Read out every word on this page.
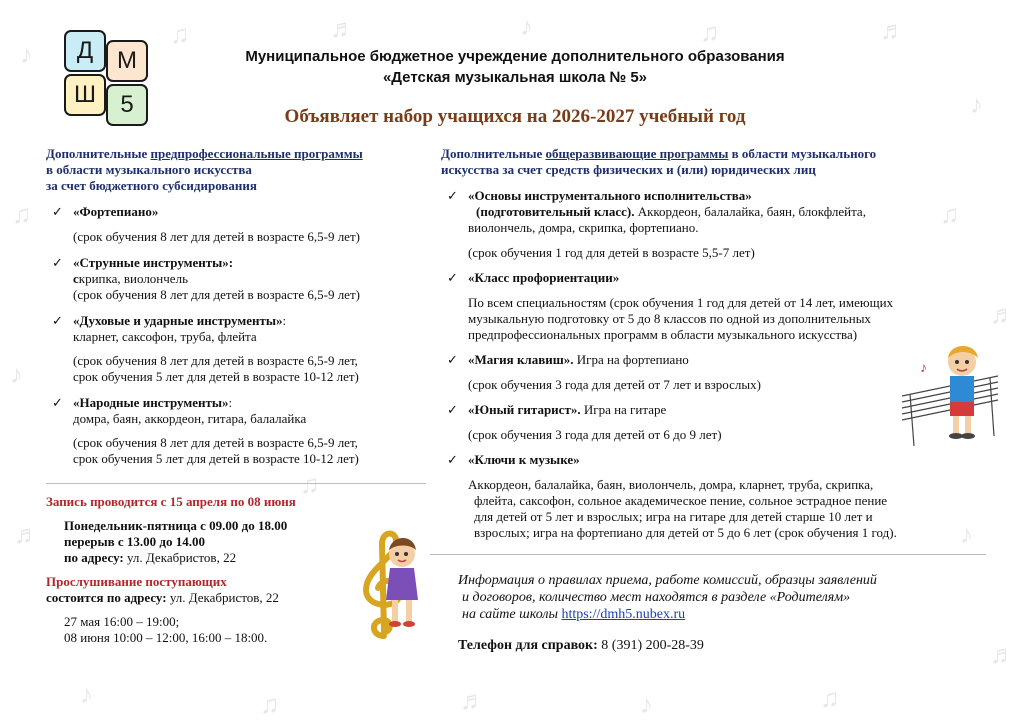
♪
♫	♬	♪	♫	♬
♪
♫
♬
♫
♪
♬
♪	♫	♬	♪	♫
♬
♪
♫
Д М
Ш	5
Муниципальное бюджетное учреждение дополнительного образования
«Детская музыкальная школа № 5»
Объявляет набор учащихся на 2026-2027 учебный год
Дополнительные предпрофессиональные программы
в области музыкального искусства
за счет бюджетного субсидирования
✓ «Фортепиано»
(срок обучения 8 лет для детей в возрасте 6,5-9 лет)
✓ «Струнные инструменты»:
скрипка, виолончель
(срок обучения 8 лет для детей в возрасте 6,5-9 лет)
✓ «Духовые и ударные инструменты»:
кларнет, саксофон, труба, флейта
(срок обучения 8 лет для детей в возрасте 6,5-9 лет,
срок обучения 5 лет для детей в возрасте 10-12 лет)
✓ «Народные инструменты»:
домра, баян, аккордеон, гитара, балалайка
(срок обучения 8 лет для детей в возрасте 6,5-9 лет,
срок обучения 5 лет для детей в возрасте 10-12 лет)
Запись проводится с 15 апреля по 08 июня
Понедельник-пятница с 09.00 до 18.00
перерыв с 13.00 до 14.00
по адресу: ул. Декабристов, 22
Прослушивание поступающих
состоится по адресу: ул. Декабристов, 22
27 мая 16:00 – 19:00;
08 июня 10:00 – 12:00, 16:00 – 18:00.
Дополнительные общеразвивающие программы в области музыкального
искусства за счет средств физических и (или) юридических лиц
✓ «Основы инструментального исполнительства»
(подготовительный класс). Аккордеон, балалайка, баян, блокфлейта,
виолончель, домра, скрипка, фортепиано.
(срок обучения 1 год для детей в возрасте 5,5-7 лет)
✓ «Класс профориентации»
По всем специальностям (срок обучения 1 год для детей от 14 лет, имеющих
музыкальную подготовку от 5 до 8 классов по одной из дополнительных
предпрофессиональных программ в области музыкального искусства)
✓ «Магия клавиш». Игра на фортепиано
(срок обучения 3 года для детей от 7 лет и взрослых)
✓ «Юный гитарист». Игра на гитаре
(срок обучения 3 года для детей от 6 до 9 лет)
✓ «Ключи к музыке»
Аккордеон, балалайка, баян, виолончель, домра, кларнет, труба, скрипка,
флейта, саксофон, сольное академическое пение, сольное эстрадное пение
для детей от 5 лет и взрослых; игра на гитаре для детей старше 10 лет и
взрослых; игра на фортепиано для детей от 5 до 6 лет (срок обучения 1 год).
♪
Информация о правилах приема, работе комиссий, образцы заявлений
и договоров, количество мест находятся в разделе «Родителям»
на сайте школы https://dmh5.nubex.ru
Телефон для справок: 8 (391) 200-28-39
